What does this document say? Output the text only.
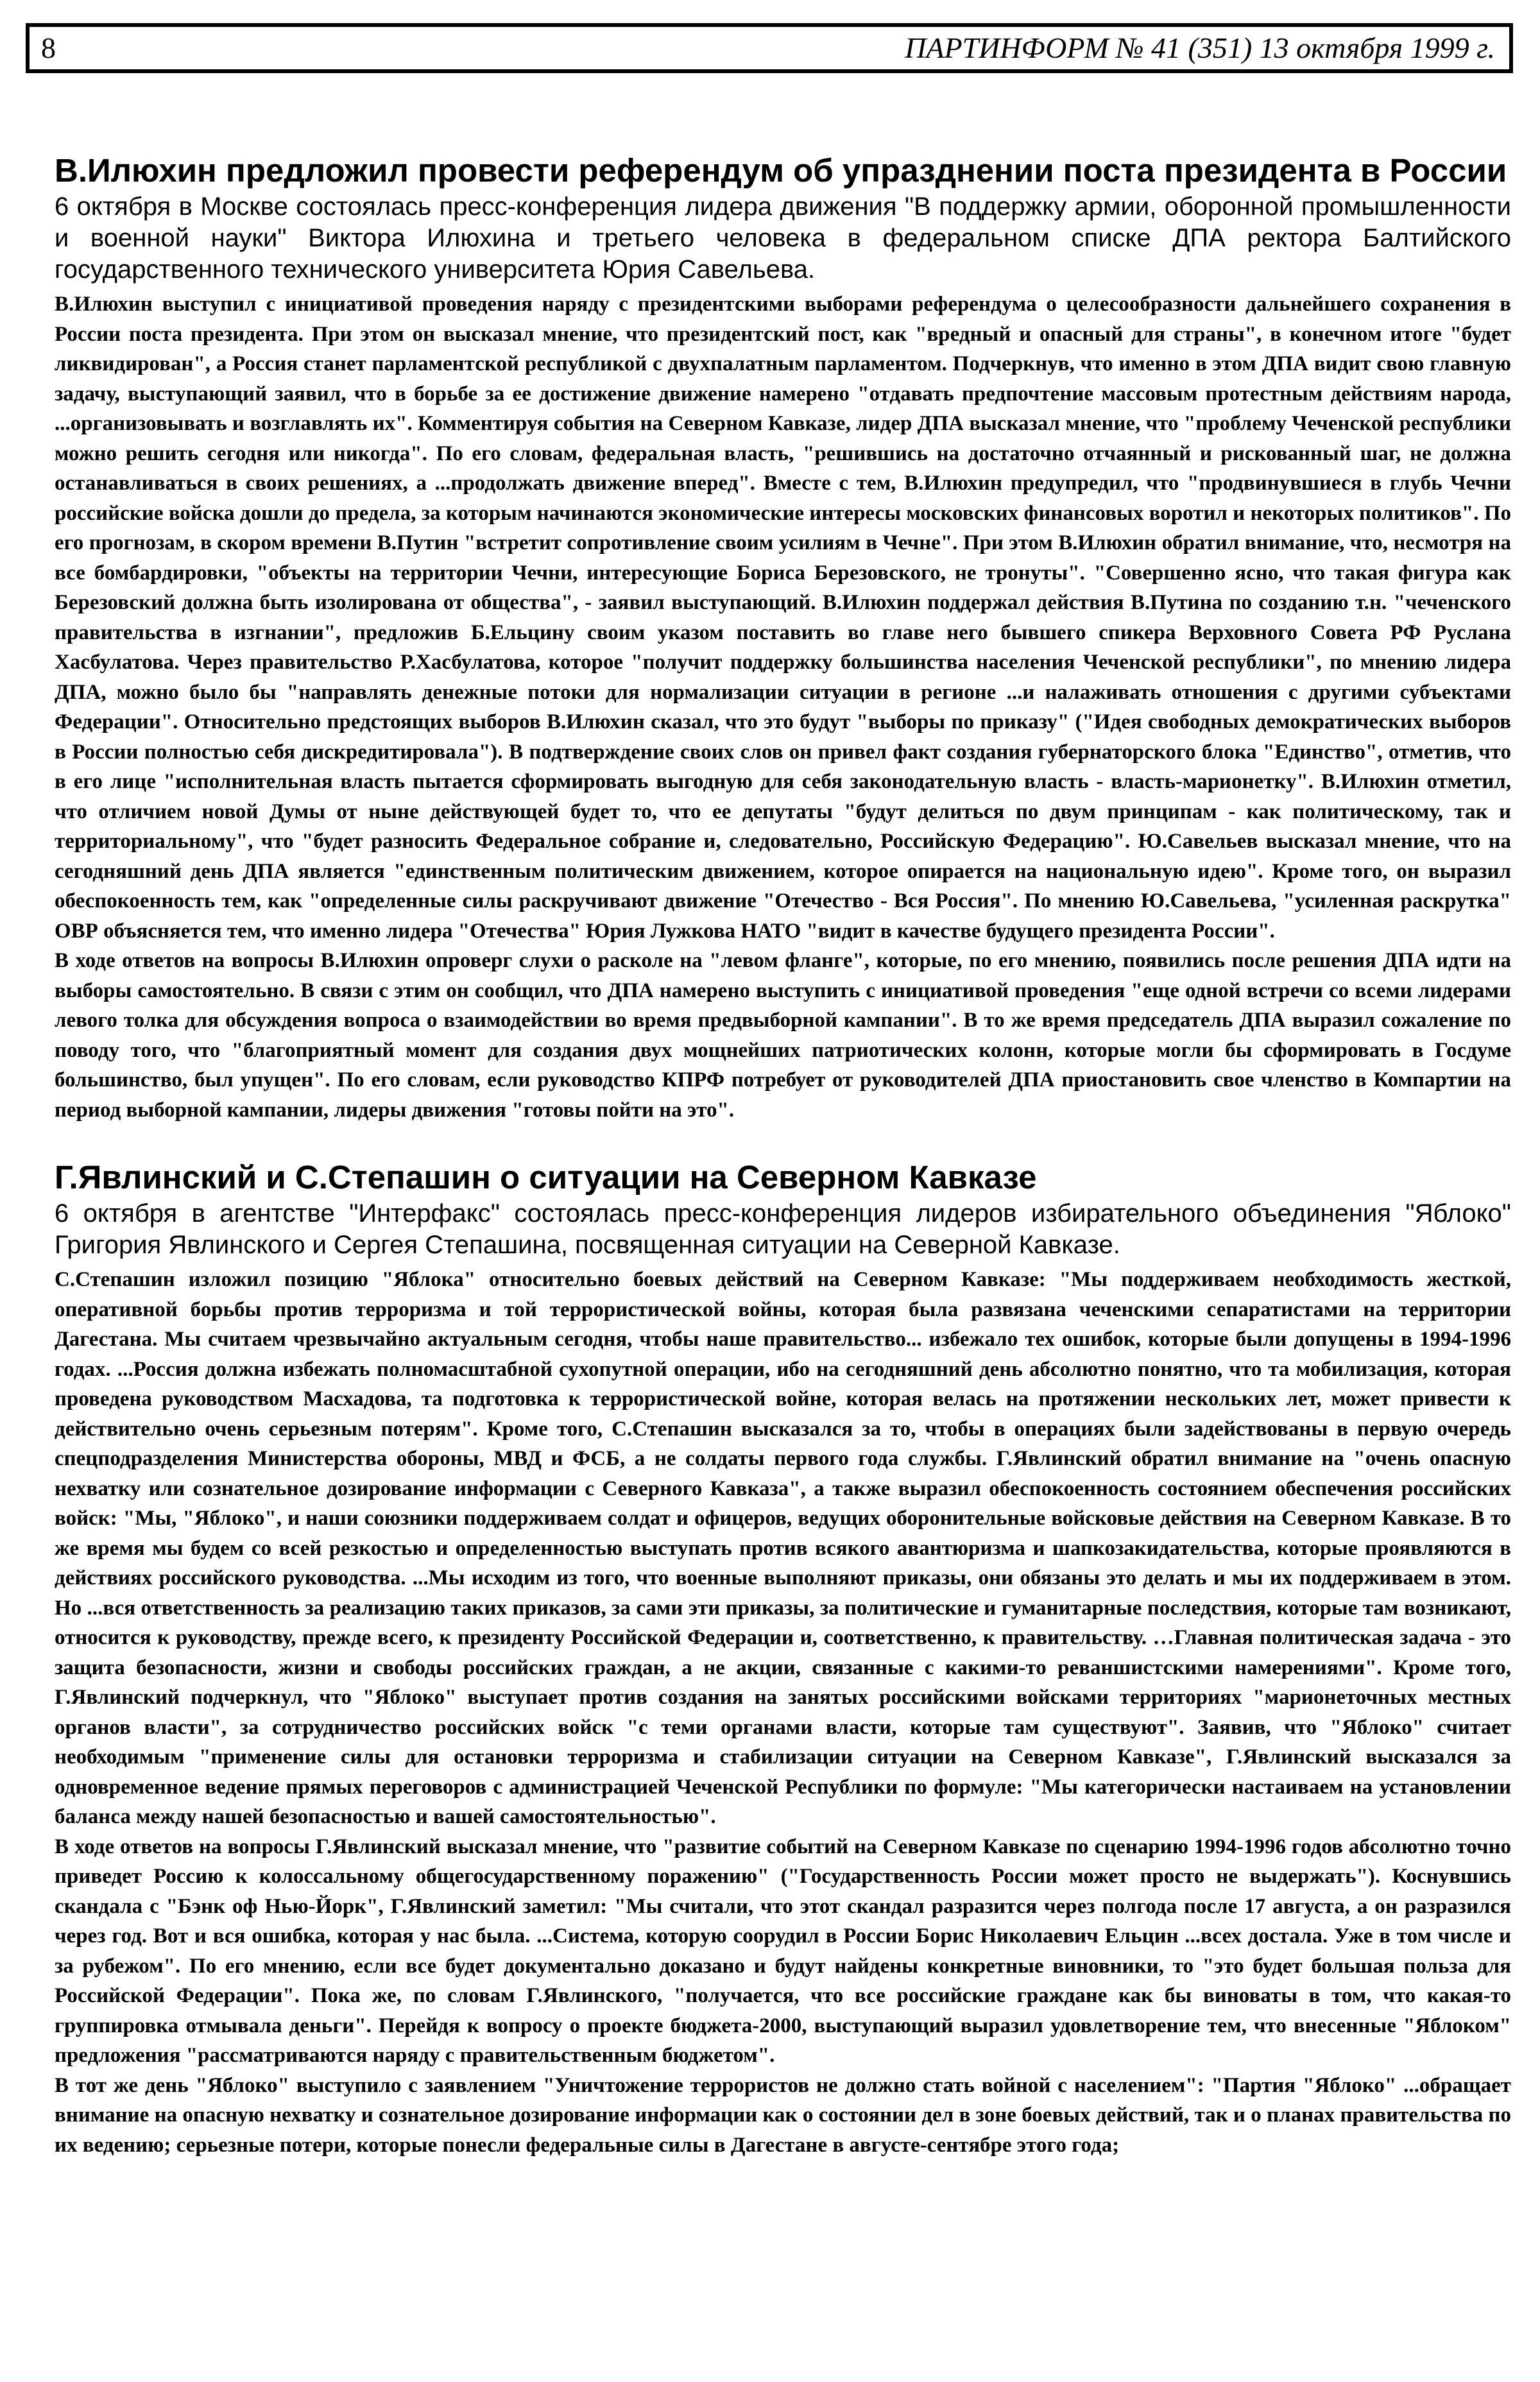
8	ПАРТИНФОРМ № 41 (351) 13 октября 1999 г.
В.Илюхин предложил провести референдум об упразднении поста президента в России

6 октября в Москве состоялась пресс-конференция лидера движения "В поддержку армии, оборонной промышленности и военной науки" Виктора Илюхина и третьего человека в федеральном списке ДПА ректора Балтийского государственного технического университета Юрия Савельева.

В.Илюхин выступил с инициативой проведения наряду с президентскими выборами референдума о целесообразности дальнейшего сохранения в России поста президента. При этом он высказал мнение, что президентский пост, как "вредный и опасный для страны", в конечном итоге "будет ликвидирован", а Россия станет парламентской республикой с двухпалатным парламентом. Подчеркнув, что именно в этом ДПА видит свою главную задачу, выступающий заявил, что в борьбе за ее достижение движение намерено "отдавать предпочтение массовым протестным действиям народа, ...организовывать и возглавлять их". Комментируя события на Северном Кавказе, лидер ДПА высказал мнение, что "проблему Чеченской республики можно решить сегодня или никогда". По его словам, федеральная власть, "решившись на достаточно отчаянный и рискованный шаг, не должна останавливаться в своих решениях, а ...продолжать движение вперед". Вместе с тем, В.Илюхин предупредил, что "продвинувшиеся в глубь Чечни российские войска дошли до предела, за которым начинаются экономические интересы московских финансовых воротил и некоторых политиков". По его прогнозам, в скором времени В.Путин "встретит сопротивление своим усилиям в Чечне". При этом В.Илюхин обратил внимание, что, несмотря на все бомбардировки, "объекты на территории Чечни, интересующие Бориса Березовского, не тронуты". "Совершенно ясно, что такая фигура как Березовский должна быть изолирована от общества", - заявил выступающий. В.Илюхин поддержал действия В.Путина по созданию т.н. "чеченского правительства в изгнании", предложив Б.Ельцину своим указом поставить во главе него бывшего спикера Верховного Совета РФ Руслана Хасбулатова. Через правительство Р.Хасбулатова, которое "получит поддержку большинства населения Чеченской республики", по мнению лидера ДПА, можно было бы "направлять денежные потоки для нормализации ситуации в регионе ...и налаживать отношения с другими субъектами Федерации". Относительно предстоящих выборов В.Илюхин сказал, что это будут "выборы по приказу" ("Идея свободных демократических выборов в России полностью себя дискредитировала"). В подтверждение своих слов он привел факт создания губернаторского блока "Единство", отметив, что в его лице "исполнительная власть пытается сформировать выгодную для себя законодательную власть - власть-марионетку". В.Илюхин отметил, что отличием новой Думы от ныне действующей будет то, что ее депутаты "будут делиться по двум принципам - как политическому, так и территориальному", что "будет разносить Федеральное собрание и, следовательно, Российскую Федерацию". Ю.Савельев высказал мнение, что на сегодняшний день ДПА является "единственным политическим движением, которое опирается на национальную идею". Кроме того, он выразил обеспокоенность тем, как "определенные силы раскручивают движение "Отечество - Вся Россия". По мнению Ю.Савельева, "усиленная раскрутка" ОВР объясняется тем, что именно лидера "Отечества" Юрия Лужкова НАТО "видит в качестве будущего президента России".

В ходе ответов на вопросы В.Илюхин опроверг слухи о расколе на "левом фланге", которые, по его мнению, появились после решения ДПА идти на выборы самостоятельно. В связи с этим он сообщил, что ДПА намерено выступить с инициативой проведения "еще одной встречи со всеми лидерами левого толка для обсуждения вопроса о взаимодействии во время предвыборной кампании". В то же время председатель ДПА выразил сожаление по поводу того, что "благоприятный момент для создания двух мощнейших патриотических колонн, которые могли бы сформировать в Госдуме большинство, был упущен". По его словам, если руководство КПРФ потребует от руководителей ДПА приостановить свое членство в Компартии на период выборной кампании, лидеры движения "готовы пойти на это".

Г.Явлинский и С.Степашин о ситуации на Северном Кавказе

6 октября в агентстве "Интерфакс" состоялась пресс-конференция лидеров избирательного объединения "Яблоко" Григория Явлинского и Сергея Степашина, посвященная ситуации на Северной Кавказе.

С.Степашин изложил позицию "Яблока" относительно боевых действий на Северном Кавказе: "Мы поддерживаем необходимость жесткой, оперативной борьбы против терроризма и той террористической войны, которая была развязана чеченскими сепаратистами на территории Дагестана. Мы считаем чрезвычайно актуальным сегодня, чтобы наше правительство... избежало тех ошибок, которые были допущены в 1994-1996 годах. ...Россия должна избежать полномасштабной сухопутной операции, ибо на сегодняшний день абсолютно понятно, что та мобилизация, которая проведена руководством Масхадова, та подготовка к террористической войне, которая велась на протяжении нескольких лет, может привести к действительно очень серьезным потерям". Кроме того, С.Степашин высказался за то, чтобы в операциях были задействованы в первую очередь спецподразделения Министерства обороны, МВД и ФСБ, а не солдаты первого года службы. Г.Явлинский обратил внимание на "очень опасную нехватку или сознательное дозирование информации с Северного Кавказа", а также выразил обеспокоенность состоянием обеспечения российских войск: "Мы, "Яблоко", и наши союзники поддерживаем солдат и офицеров, ведущих оборонительные войсковые действия на Северном Кавказе. В то же время мы будем со всей резкостью и определенностью выступать против всякого авантюризма и шапкозакидательства, которые проявляются в действиях российского руководства. ...Мы исходим из того, что военные выполняют приказы, они обязаны это делать и мы их поддерживаем в этом. Но ...вся ответственность за реализацию таких приказов, за сами эти приказы, за политические и гуманитарные последствия, которые там возникают, относится к руководству, прежде всего, к президенту Российской Федерации и, соответственно, к правительству. …Главная политическая задача - это защита безопасности, жизни и свободы российских граждан, а не акции, связанные с какими-то реваншистскими намерениями". Кроме того, Г.Явлинский подчеркнул, что "Яблоко" выступает против создания на занятых российскими войсками территориях "марионеточных местных органов власти", за сотрудничество российских войск "с теми органами власти, которые там существуют". Заявив, что "Яблоко" считает необходимым "применение силы для остановки терроризма и стабилизации ситуации на Северном Кавказе", Г.Явлинский высказался за одновременное ведение прямых переговоров с администрацией Чеченской Республики по формуле: "Мы категорически настаиваем на установлении баланса между нашей безопасностью и вашей самостоятельностью".

В ходе ответов на вопросы Г.Явлинский высказал мнение, что "развитие событий на Северном Кавказе по сценарию 1994-1996 годов абсолютно точно приведет Россию к колоссальному общегосударственному поражению" ("Государственность России может просто не выдержать"). Коснувшись скандала с "Бэнк оф Нью-Йорк", Г.Явлинский заметил: "Мы считали, что этот скандал разразится через полгода после 17 августа, а он разразился через год. Вот и вся ошибка, которая у нас была. ...Система, которую соорудил в России Борис Николаевич Ельцин ...всех достала. Уже в том числе и за рубежом". По его мнению, если все будет документально доказано и будут найдены конкретные виновники, то "это будет большая польза для Российской Федерации". Пока же, по словам Г.Явлинского, "получается, что все российские граждане как бы виноваты в том, что какая-то группировка отмывала деньги". Перейдя к вопросу о проекте бюджета-2000, выступающий выразил удовлетворение тем, что внесенные "Яблоком" предложения "рассматриваются наряду с правительственным бюджетом".

В тот же день "Яблоко" выступило с заявлением "Уничтожение террористов не должно стать войной с населением": "Партия "Яблоко" ...обращает внимание на опасную нехватку и сознательное дозирование информации как о состоянии дел в зоне боевых действий, так и о планах правительства по их ведению; серьезные потери, которые понесли федеральные силы в Дагестане в августе-сентябре этого года;
